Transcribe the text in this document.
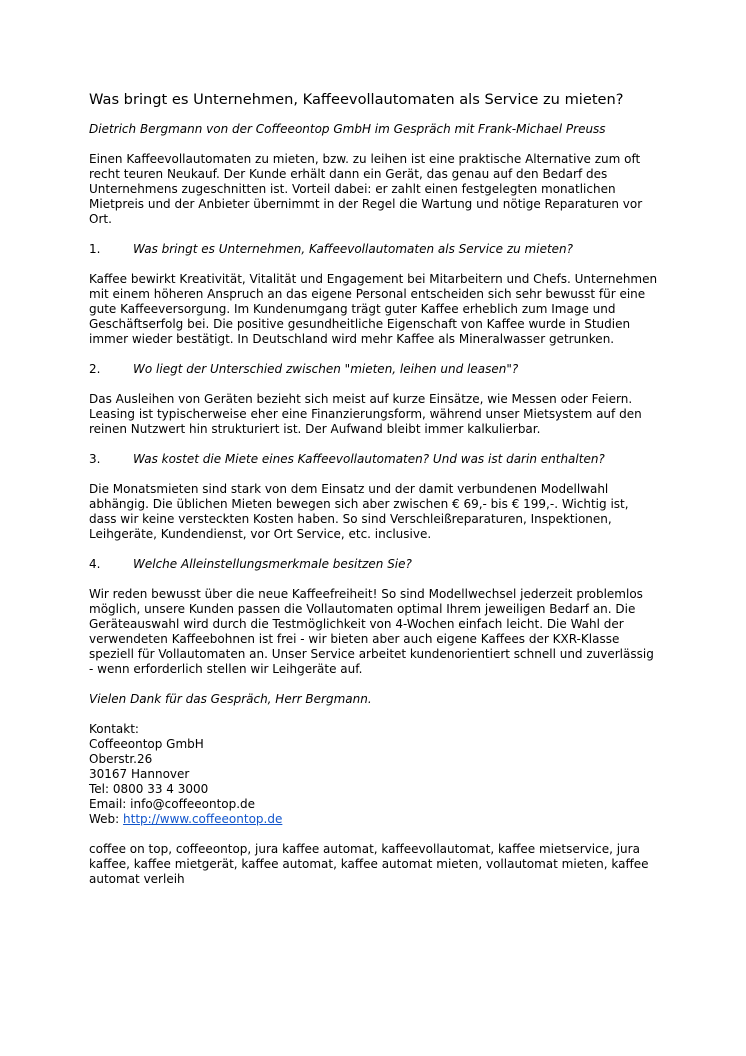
Was bringt es Unternehmen, Kaffeevollautomaten als Service zu mieten?
Dietrich Bergmann von der Coffeeontop GmbH im Gespräch mit Frank-Michael Preuss

Einen Kaffeevollautomaten zu mieten, bzw. zu leihen ist eine praktische Alternative zum oft recht teuren Neukauf. Der Kunde erhält dann ein Gerät, das genau auf den Bedarf des Unternehmens zugeschnitten ist. Vorteil dabei: er zahlt einen festgelegten monatlichen Mietpreis und der Anbieter übernimmt in der Regel die Wartung und nötige Reparaturen vor Ort.

1.	Was bringt es Unternehmen, Kaffeevollautomaten als Service zu mieten?

Kaffee bewirkt Kreativität, Vitalität und Engagement bei Mitarbeitern und Chefs. Unternehmen mit einem höheren Anspruch an das eigene Personal entscheiden sich sehr bewusst für eine gute Kaffeeversorgung. Im Kundenumgang trägt guter Kaffee erheblich zum Image und Geschäftserfolg bei. Die positive gesundheitliche Eigenschaft von Kaffee wurde in Studien immer wieder bestätigt. In Deutschland wird mehr Kaffee als Mineralwasser getrunken.

2.	Wo liegt der Unterschied zwischen "mieten, leihen und leasen"?

Das Ausleihen von Geräten bezieht sich meist auf kurze Einsätze, wie Messen oder Feiern. Leasing ist typischerweise eher eine Finanzierungsform, während unser Mietsystem auf den reinen Nutzwert hin strukturiert ist. Der Aufwand bleibt immer kalkulierbar.

3.	Was kostet die Miete eines Kaffeevollautomaten? Und was ist darin enthalten?

Die Monatsmieten sind stark von dem Einsatz und der damit verbundenen Modellwahl abhängig. Die üblichen Mieten bewegen sich aber zwischen € 69,- bis € 199,-. Wichtig ist, dass wir keine versteckten Kosten haben. So sind Verschleißreparaturen, Inspektionen, Leihgeräte, Kundendienst, vor Ort Service, etc. inclusive.

4.	Welche Alleinstellungsmerkmale besitzen Sie?

Wir reden bewusst über die neue Kaffeefreiheit! So sind Modellwechsel jederzeit problemlos möglich, unsere Kunden passen die Vollautomaten optimal Ihrem jeweiligen Bedarf an. Die Geräteauswahl wird durch die Testmöglichkeit von 4-Wochen einfach leicht. Die Wahl der verwendeten Kaffeebohnen ist frei - wir bieten aber auch eigene Kaffees der KXR-Klasse speziell für Vollautomaten an. Unser Service arbeitet kundenorientiert schnell und zuverlässig - wenn erforderlich stellen wir Leihgeräte auf.

Vielen Dank für das Gespräch, Herr Bergmann.
Kontakt:
Coffeeontop GmbH
Oberstr.26
30167 Hannover
Tel: 0800 33 4 3000
Email: info@coffeeontop.de
Web: http://www.coffeeontop.de

coffee on top, coffeeontop, jura kaffee automat, kaffeevollautomat, kaffee mietservice, jura kaffee, kaffee mietgerät, kaffee automat, kaffee automat mieten, vollautomat mieten, kaffee automat verleih
